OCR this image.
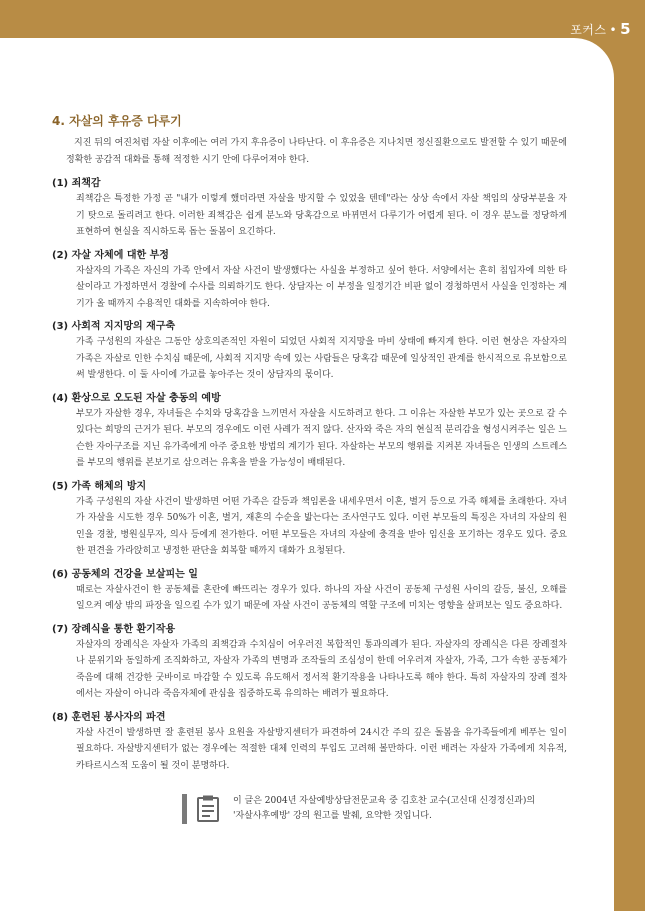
포커스 • 5
4. 자살의 후유증 다루기

지진 뒤의 여진처럼 자살 이후에는 여러 가지 후유증이 나타난다. 이 후유증은 지나치면 정신질환으로도 발전할 수 있기 때문에 정확한 공감적 대화를 통해 적정한 시기 안에 다루어져야 한다.

(1) 죄책감

죄책감은 특정한 가정 곧 "내가 이렇게 했더라면 자살을 방지할 수 있었을 텐데"라는 상상 속에서 자살 책임의 상당부분을 자기 탓으로 돌리려고 한다. 이러한 죄책감은 쉽게 분노와 당혹감으로 바뀌면서 다루기가 어렵게 된다. 이 경우 분노를 정당하게 표현하여 현실을 직시하도록 돕는 돌봄이 요긴하다.

(2) 자살 자체에 대한 부정

자살자의 가족은 자신의 가족 안에서 자살 사건이 발생했다는 사실을 부정하고 싶어 한다. 서양에서는 흔히 침입자에 의한 타살이라고 가정하면서 경찰에 수사를 의뢰하기도 한다. 상담자는 이 부정을 일정기간 비판 없이 경청하면서 사실을 인정하는 계기가 올 때까지 수용적인 대화를 지속하여야 한다.

(3) 사회적 지지망의 재구축

가족 구성원의 자살은 그동안 상호의존적인 자원이 되었던 사회적 지지망을 마비 상태에 빠지게 한다. 이런 현상은 자살자의 가족은 자살로 인한 수치심 때문에, 사회적 지지망 속에 있는 사람들은 당혹감 때문에 일상적인 관계를 한시적으로 유보함으로써 발생한다. 이 둘 사이에 가교를 놓아주는 것이 상담자의 몫이다.

(4) 환상으로 오도된 자살 충동의 예방

부모가 자살한 경우, 자녀들은 수치와 당혹감을 느끼면서 자살을 시도하려고 한다. 그 이유는 자살한 부모가 있는 곳으로 갈 수 있다는 희망의 근거가 된다. 부모의 경우에도 이런 사례가 적지 않다. 산자와 죽은 자의 현실적 분리감을 형성시켜주는 일은 느슨한 자아구조를 지닌 유가족에게 아주 중요한 방법의 계기가 된다. 자살하는 부모의 행위를 지켜본 자녀들은 인생의 스트레스를 부모의 행위를 본보기로 삼으려는 유혹을 받을 가능성이 배태된다.

(5) 가족 해체의 방지

가족 구성원의 자살 사건이 발생하면 어떤 가족은 갈등과 책임론을 내세우면서 이혼, 별거 등으로 가족 해체를 초래한다. 자녀가 자살을 시도한 경우 50%가 이혼, 별거, 재혼의 수순을 밟는다는 조사연구도 있다. 이런 부모들의 특징은 자녀의 자살의 원인을 경찰, 병원실무자, 의사 등에게 전가한다. 어떤 부모들은 자녀의 자살에 충격을 받아 임신을 포기하는 경우도 있다. 중요한 편견을 가라앉히고 냉정한 판단을 회복할 때까지 대화가 요청된다.

(6) 공동체의 건강을 보살피는 일

때로는 자살사건이 한 공동체를 혼란에 빠뜨리는 경우가 있다. 하나의 자살 사건이 공동체 구성원 사이의 갈등, 불신, 오해를 일으켜 예상 밖의 파장을 일으킬 수가 있기 때문에 자살 사건이 공동체의 역할 구조에 미치는 영향을 살펴보는 일도 중요하다.

(7) 장례식을 통한 환기작용

자살자의 장례식은 자살자 가족의 죄책감과 수치심이 어우러진 복합적인 통과의례가 된다. 자살자의 장례식은 다른 장례절차나 분위기와 동일하게 조직화하고, 자살자 가족의 변명과 조작들의 조심성이 한데 어우러져 자살자, 가족, 그가 속한 공동체가 죽음에 대해 건강한 굿바이로 마감할 수 있도록 유도해서 정서적 환기작용을 나타나도록 해야 한다. 특히 자살자의 장례 절차에서는 자살이 아니라 죽음자체에 관심을 집중하도록 유의하는 배려가 필요하다.

(8) 훈련된 봉사자의 파견

자살 사건이 발생하면 잘 훈련된 봉사 요원을 자살방지센터가 파견하여 24시간 주의 깊은 돌봄을 유가족들에게 베푸는 일이 필요하다. 자살방지센터가 없는 경우에는 적절한 대체 인력의 투입도 고려해 볼만하다. 이런 배려는 자살자 가족에게 치유적, 카타르시스적 도움이 될 것이 분명하다.

이 글은 2004년 자살예방상담전문교육 중 김호찬 교수(고신대 신경정신과)의
'자살사후예방' 강의 원고를 발췌, 요약한 것입니다.
